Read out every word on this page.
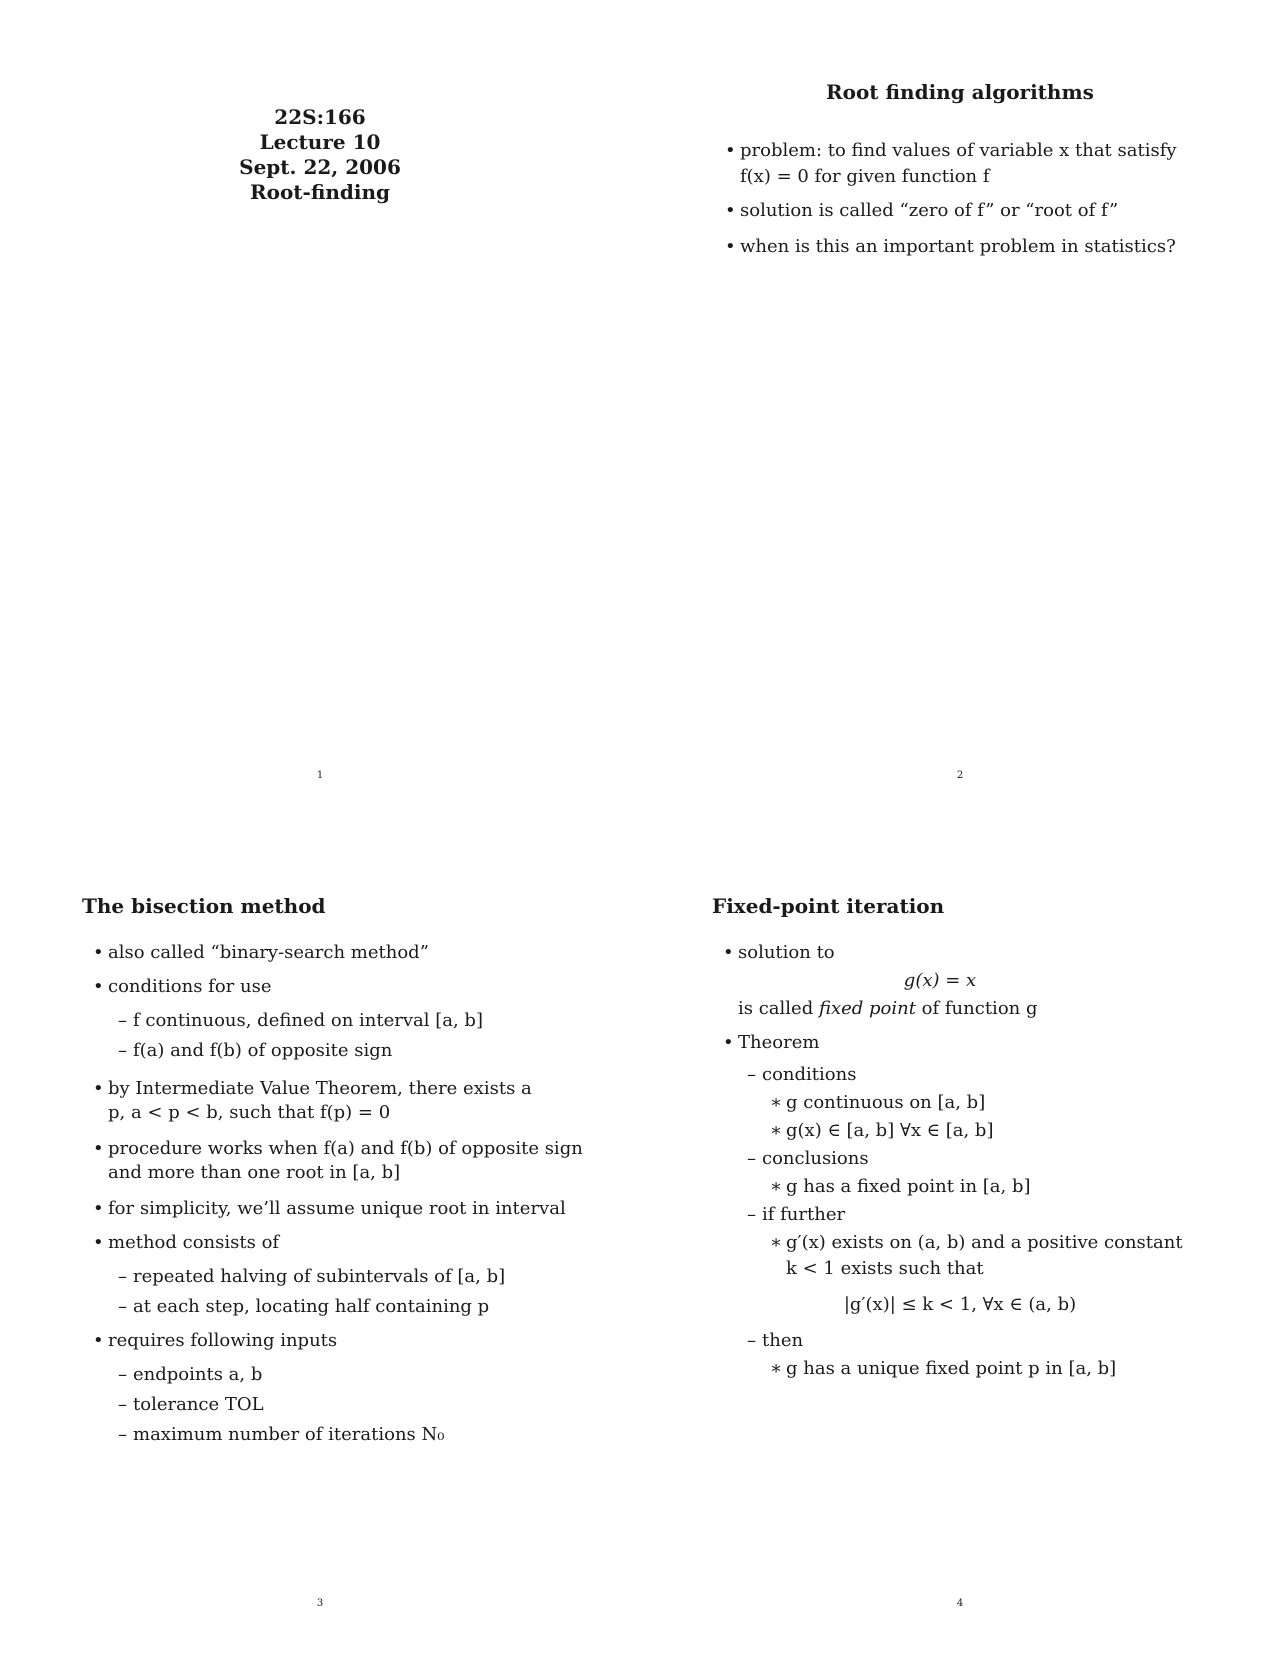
22S:166
Lecture 10
Sept. 22, 2006
Root-finding
1
Root finding algorithms
• problem: to find values of variable x that satisfy
f(x) = 0 for given function f
• solution is called “zero of f” or “root of f”
• when is this an important problem in statistics?
2
The bisection method
• also called “binary-search method”
• conditions for use
– f continuous, defined on interval [a, b]
– f(a) and f(b) of opposite sign
• by Intermediate Value Theorem, there exists a
p, a < p < b, such that f(p) = 0
• procedure works when f(a) and f(b) of opposite sign
and more than one root in [a, b]
• for simplicity, we’ll assume unique root in interval
• method consists of
– repeated halving of subintervals of [a, b]
– at each step, locating half containing p
• requires following inputs
– endpoints a, b
– tolerance TOL
– maximum number of iterations N₀
3
Fixed-point iteration
• solution to
g(x) = x
is called fixed point of function g
• Theorem
– conditions
∗ g continuous on [a, b]
∗ g(x) ∈ [a, b] ∀x ∈ [a, b]
– conclusions
∗ g has a fixed point in [a, b]
– if further
∗ g′(x) exists on (a, b) and a positive constant
k < 1 exists such that
|g′(x)| ≤ k < 1, ∀x ∈ (a, b)
– then
∗ g has a unique fixed point p in [a, b]
4
